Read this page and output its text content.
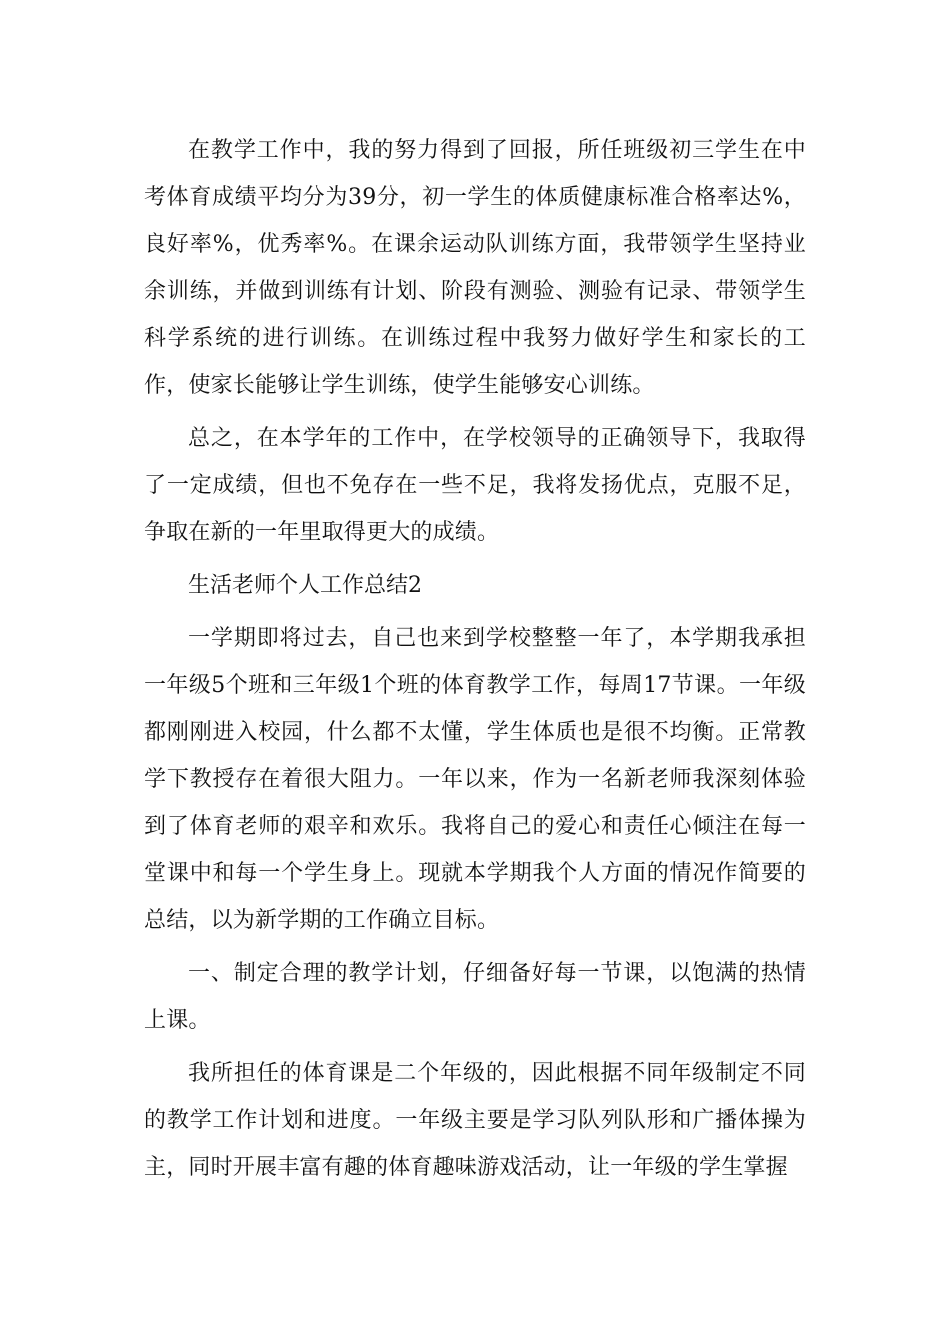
在教学工作中，我的努力得到了回报，所任班级初三学生在中考体育成绩平均分为39分，初一学生的体质健康标准合格率达%，良好率%，优秀率%。在课余运动队训练方面，我带领学生坚持业余训练，并做到训练有计划、阶段有测验、测验有记录、带领学生科学系统的进行训练。在训练过程中我努力做好学生和家长的工作，使家长能够让学生训练，使学生能够安心训练。

总之，在本学年的工作中，在学校领导的正确领导下，我取得了一定成绩，但也不免存在一些不足，我将发扬优点，克服不足，争取在新的一年里取得更大的成绩。

生活老师个人工作总结2

一学期即将过去，自己也来到学校整整一年了，本学期我承担一年级5个班和三年级1个班的体育教学工作，每周17节课。一年级都刚刚进入校园，什么都不太懂，学生体质也是很不均衡。正常教学下教授存在着很大阻力。一年以来，作为一名新老师我深刻体验到了体育老师的艰辛和欢乐。我将自己的爱心和责任心倾注在每一堂课中和每一个学生身上。现就本学期我个人方面的情况作简要的总结，以为新学期的工作确立目标。

一、制定合理的教学计划，仔细备好每一节课，以饱满的热情上课。

我所担任的体育课是二个年级的，因此根据不同年级制定不同的教学工作计划和进度。一年级主要是学习队列队形和广播体操为主，同时开展丰富有趣的体育趣味游戏活动，让一年级的学生掌握
